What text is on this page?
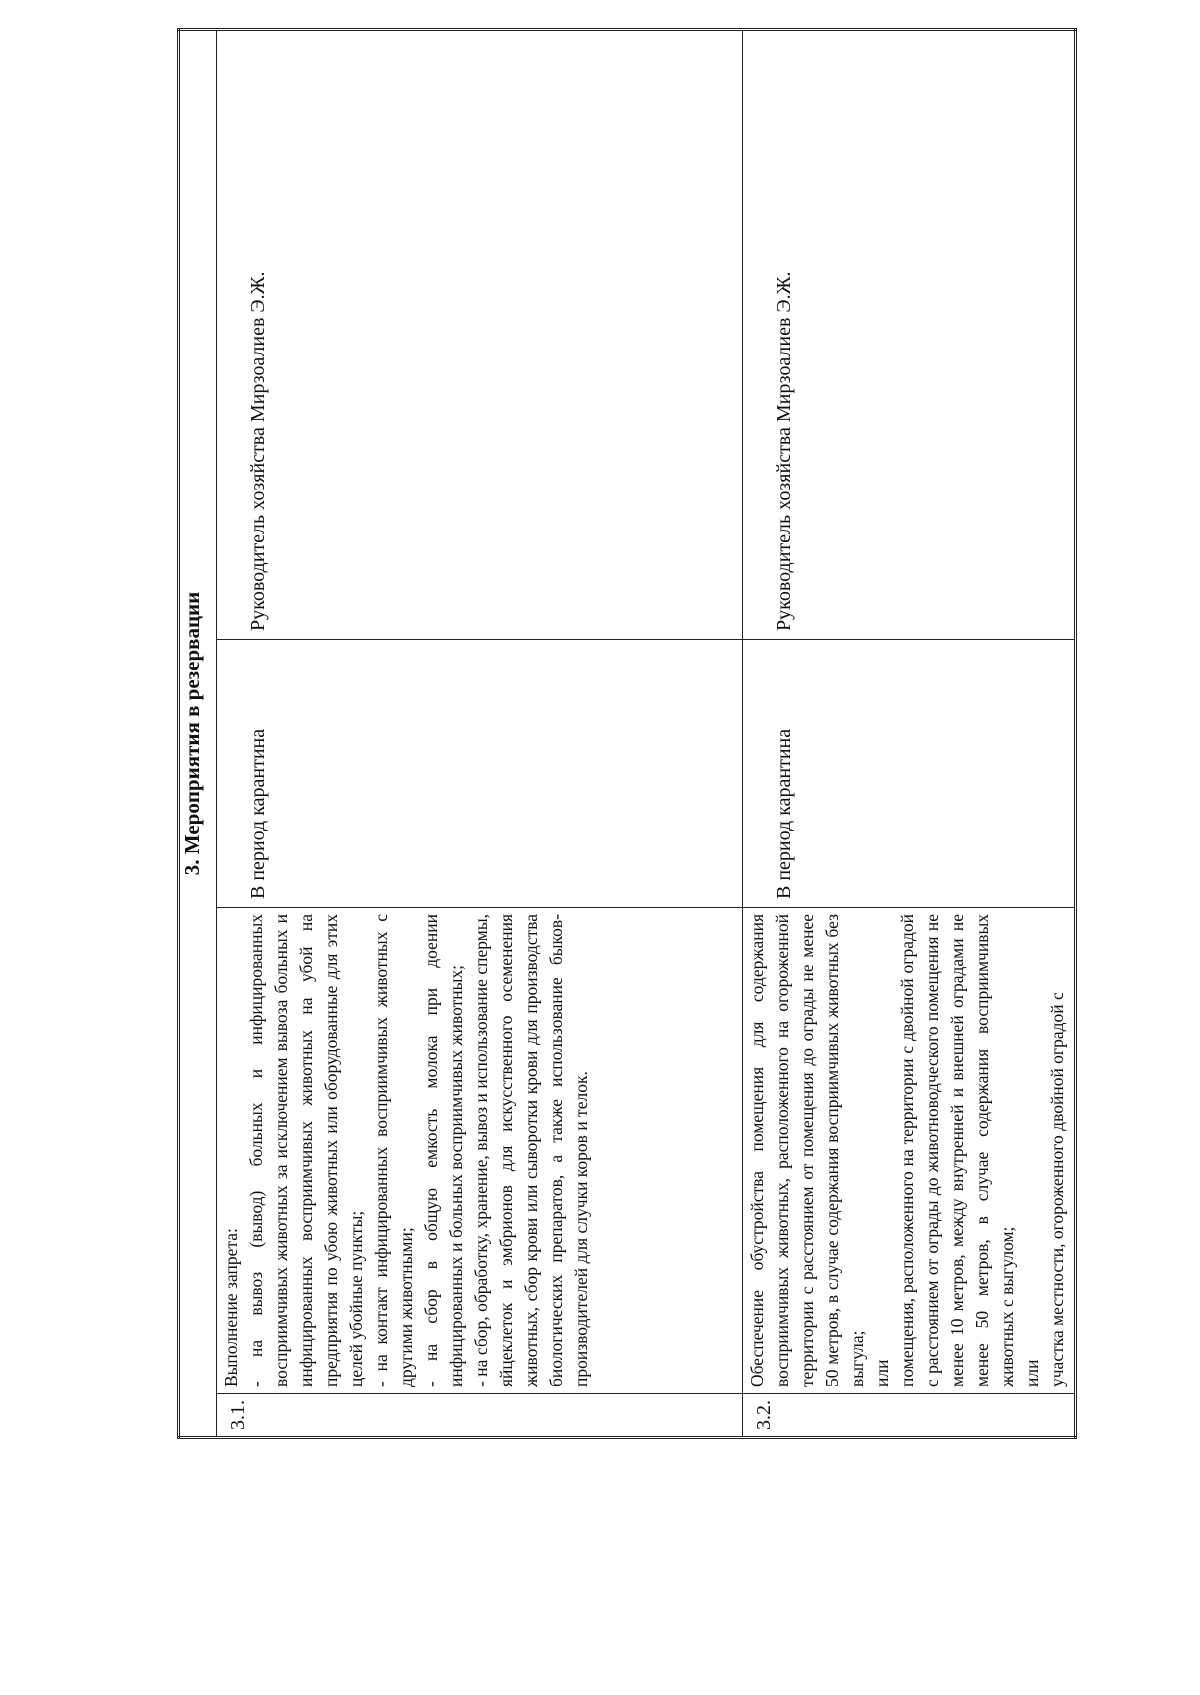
3. Мероприятия в резервации			
3.1.	Выполнение запрета: - на вывоз (вывод) больных и инфицированных восприимчивых животных за исключением вывоза больных и инфицированных восприимчивых животных на убой на предприятия по убою животных или оборудованные для этих целей убойные пункты; - на контакт инфицированных восприимчивых животных с другими животными; - на сбор в общую емкость молока при доении инфицированных и больных восприимчивых животных; - на сбор, обработку, хранение, вывоз и использование спермы, яйцеклеток и эмбрионов для искусственного осеменения животных, сбор крови или сыворотки крови для производства биологических препаратов, а также использование быков-производителей для случки коров и телок.	В период карантина	Руководитель хозяйства Мирзоалиев Э.Ж.
3.2.	Обеспечение обустройства помещения для содержания восприимчивых животных, расположенного на огороженной территории с расстоянием от помещения до ограды не менее 50 метров, в случае содержания восприимчивых животных без выгула; или помещения, расположенного на территории с двойной оградой с расстоянием от ограды до животноводческого помещения не менее 10 метров, между внутренней и внешней оградами не менее 50 метров, в случае содержания восприимчивых животных с выгулом; или участка местности, огороженного двойной оградой с	В период карантина	Руководитель хозяйства Мирзоалиев Э.Ж.
